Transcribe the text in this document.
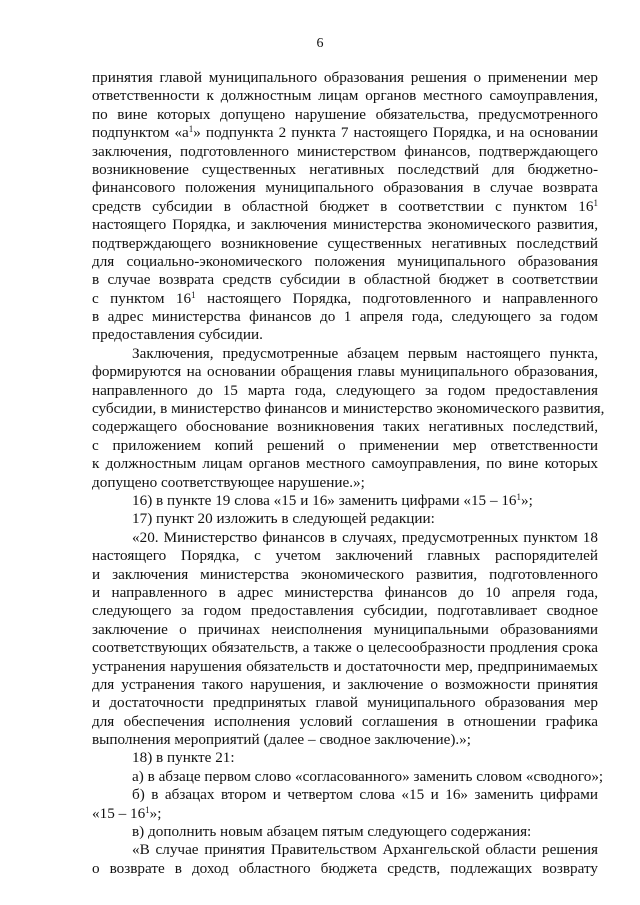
6
принятия главой муниципального образования решения о применении мер
ответственности к должностным лицам органов местного самоуправления,
по вине которых допущено нарушение обязательства, предусмотренного
подпунктом «$а^1$» подпункта 2 пункта 7 настоящего Порядка, и на основании
заключения, подготовленного министерством финансов, подтверждающего
возникновение существенных негативных последствий для бюджетно-
финансового положения муниципального образования в случае возврата
средств субсидии в областной бюджет в соответствии с пунктом $16^1$
настоящего Порядка, и заключения министерства экономического развития,
подтверждающего возникновение существенных негативных последствий
для социально-экономического положения муниципального образования
в случае возврата средств субсидии в областной бюджет в соответствии
с пунктом $16^1$ настоящего Порядка, подготовленного и направленного
в адрес министерства финансов до 1 апреля года, следующего за годом
предоставления субсидии.
Заключения, предусмотренные абзацем первым настоящего пункта,
формируются на основании обращения главы муниципального образования,
направленного до 15 марта года, следующего за годом предоставления
субсидии, в министерство финансов и министерство экономического развития,
содержащего обоснование возникновения таких негативных последствий,
с приложением копий решений о применении мер ответственности
к должностным лицам органов местного самоуправления, по вине которых
допущено соответствующее нарушение.»;
16) в пункте 19 слова «15 и 16» заменить цифрами «$15 - 16^1$»;
17) пункт 20 изложить в следующей редакции:
«20. Министерство финансов в случаях, предусмотренных пунктом 18
настоящего Порядка, с учетом заключений главных распорядителей
и заключения министерства экономического развития, подготовленного
и направленного в адрес министерства финансов до 10 апреля года,
следующего за годом предоставления субсидии, подготавливает сводное
заключение о причинах неисполнения муниципальными образованиями
соответствующих обязательств, а также о целесообразности продления срока
устранения нарушения обязательств и достаточности мер, предпринимаемых
для устранения такого нарушения, и заключение о возможности принятия
и достаточности предпринятых главой муниципального образования мер
для обеспечения исполнения условий соглашения в отношении графика
выполнения мероприятий (далее – сводное заключение).»;
18) в пункте 21:
а) в абзаце первом слово «согласованного» заменить словом «сводного»;
б) в абзацах втором и четвертом слова «15 и 16» заменить цифрами
«$15 - 16^1$»;
в) дополнить новым абзацем пятым следующего содержания:
«В случае принятия Правительством Архангельской области решения
о возврате в доход областного бюджета средств, подлежащих возврату
